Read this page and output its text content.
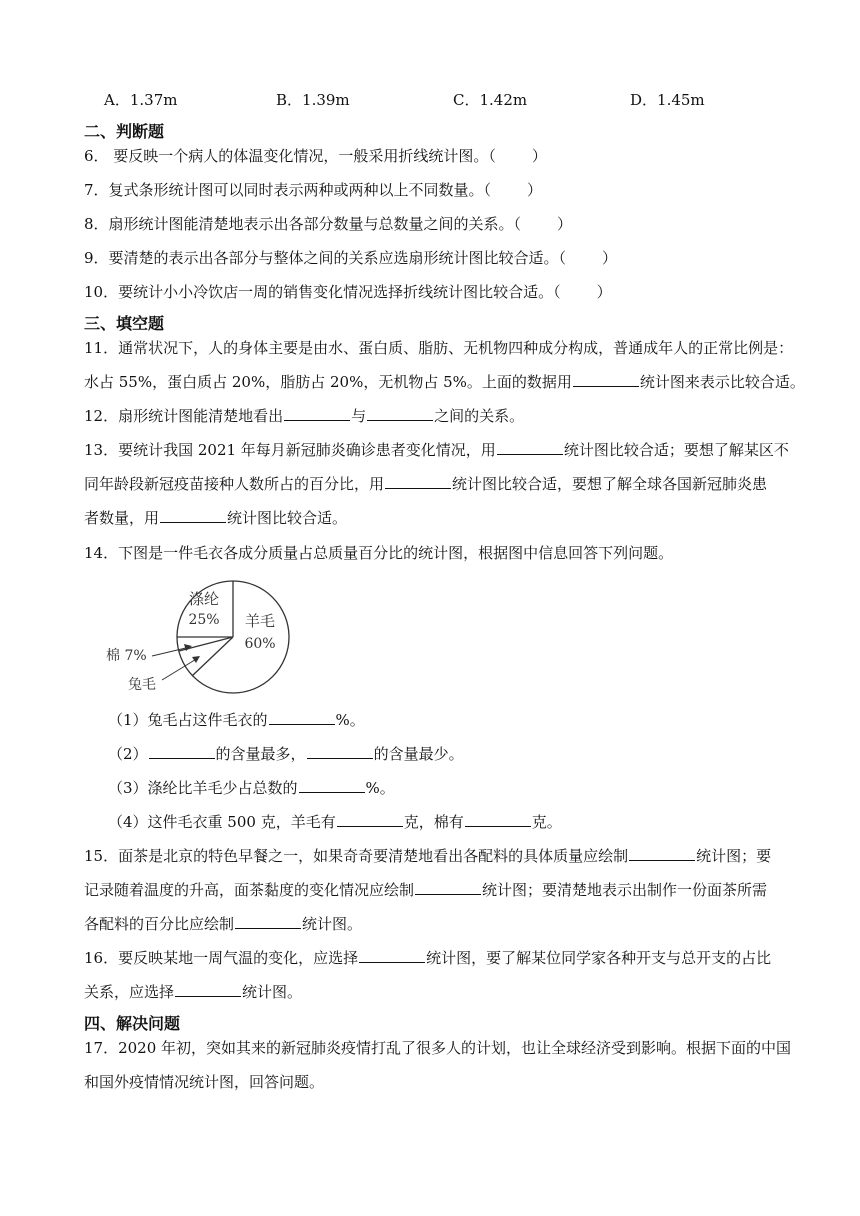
A．1.37m	B．1.39m	C．1.42m	D．1.45m
二、判断题
6． 要反映一个病人的体温变化情况，一般采用折线统计图。（ ）
7．复式条形统计图可以同时表示两种或两种以上不同数量。（ ）
8．扇形统计图能清楚地表示出各部分数量与总数量之间的关系。（ ）
9．要清楚的表示出各部分与整体之间的关系应选扇形统计图比较合适。（ ）
10．要统计小小冷饮店一周的销售变化情况选择折线统计图比较合适。（ ）
三、填空题
11．通常状况下，人的身体主要是由水、蛋白质、脂肪、无机物四种成分构成，普通成年人的正常比例是：
水占 55%，蛋白质占 20%，脂肪占 20%，无机物占 5%。上面的数据用	统计图来表示比较合适。
12．扇形统计图能清楚地看出	与	之间的关系。
13．要统计我国 2021 年每月新冠肺炎确诊患者变化情况，用	统计图比较合适；要想了解某区不
同年龄段新冠疫苗接种人数所占的百分比，用	统计图比较合适，要想了解全球各国新冠肺炎患
者数量，用	统计图比较合适。
14．下图是一件毛衣各成分质量占总质量百分比的统计图，根据图中信息回答下列问题。
涤纶
25% 羊毛
60%
棉 7%
兔毛
（1）兔毛占这件毛衣的	%。
（2）	的含量最多，	的含量最少。
（3）涤纶比羊毛少占总数的	%。
（4）这件毛衣重 500 克，羊毛有	克，棉有	克。
15．面茶是北京的特色早餐之一，如果奇奇要清楚地看出各配料的具体质量应绘制	统计图；要
记录随着温度的升高，面茶黏度的变化情况应绘制	统计图；要清楚地表示出制作一份面茶所需
各配料的百分比应绘制	统计图。
16．要反映某地一周气温的变化，应选择	统计图，要了解某位同学家各种开支与总开支的占比
关系，应选择	统计图。
四、解决问题
17．2020 年初，突如其来的新冠肺炎疫情打乱了很多人的计划，也让全球经济受到影响。根据下面的中国
和国外疫情情况统计图，回答问题。
